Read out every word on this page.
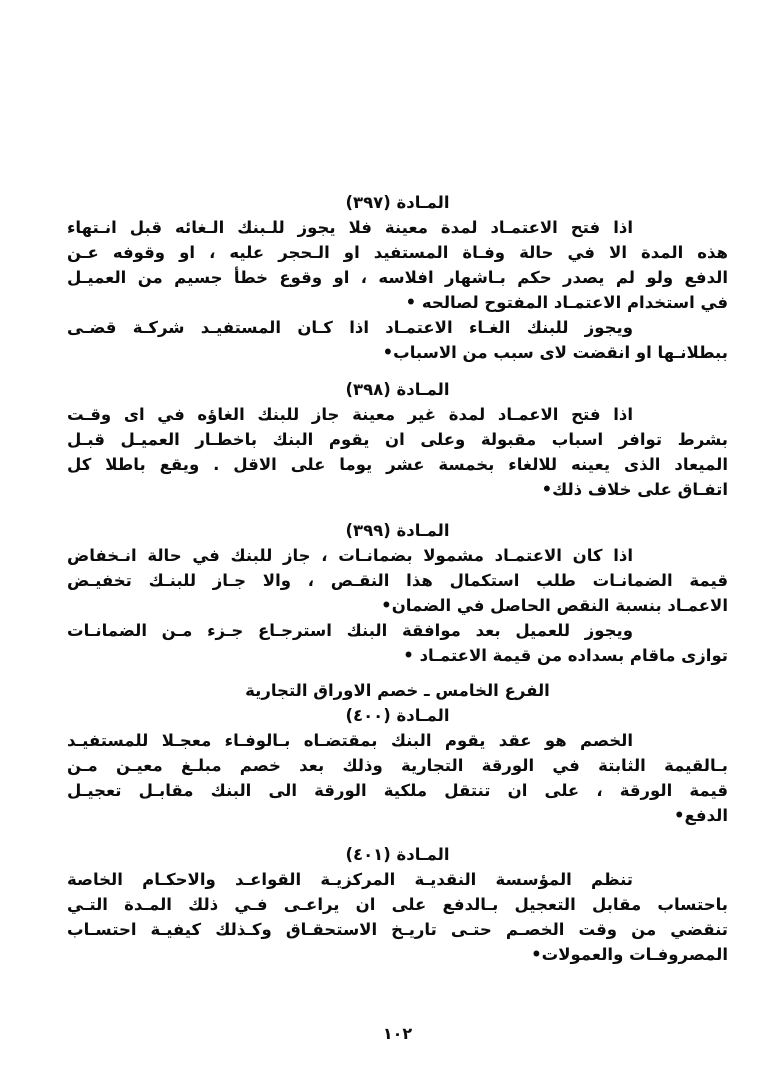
المـادة (٣٩٧)
اذا فتح الاعتمـاد لمدة معينة فلا يجوز للـبنك الـغائه قبل انـتهاء
هذه المدة الا في حالة وفـاة المستفيد او الـحجر عليه ، او وقوفه عـن
الدفع ولو لم يصدر حكم بـاشهار افلاسه ، او وقوع خطأ جسيم من العميـل
في استخدام الاعتمـاد المفتوح لصالحه •
ويجوز للبنك الغـاء الاعتمـاد اذا كـان المستفيـد شركـة قضـى
ببطلانـها او انقضت لاى سبب من الاسباب•
المـادة (٣٩٨)
اذا فتح الاعمـاد لمدة غير معينة جاز للبنك الغاؤه في اى وقـت
بشرط توافر اسباب مقبولة وعلى ان يقوم البنك باخطـار العميـل قبـل
الميعاد الذى يعينه للالغاء بخمسة عشر يوما على الاقل . ويقع باطلا كل
اتفـاق على خلاف ذلك•
المـادة (٣٩٩)
اذا كان الاعتمـاد مشمولا بضمانـات ، جاز للبنك في حالة انـخفاض
قيمة الضمانـات طلب استكمال هذا النقـص ، والا جـاز للبنـك تخفيـض
الاعمـاد بنسبة النقص الحاصل في الضمان•
ويجوز للعميل بعد موافقة البنك استرجـاع جـزء مـن الضمانـات
توازى ماقام بسداده من قيمة الاعتمـاد •
الفرع الخامس ـ خصم الاوراق التجارية
المـادة (٤٠٠)
الخصم هو عقد يقوم البنك بمقتضـاه بـالوفـاء معجـلا للمستفيـد
بـالقيمة الثابتة في الورقة التجارية وذلك بعد خصم مبلـغ معيـن مـن
قيمة الورقة ، على ان تنتقل ملكية الورقة الى البنك مقابـل تعجيـل
الدفع•
المـادة (٤٠١)
تنظم المؤسسة النقديـة المركزيـة القواعـد والاحكـام الخاصة
باحتساب مقابل التعجيل بـالدفع على ان يراعـى فـي ذلك المـدة التـي
تنقضي من وقت الخصـم حتـى تاريـخ الاستحقـاق وكـذلك كيفيـة احتسـاب
المصروفـات والعمولات•
١٠٢
